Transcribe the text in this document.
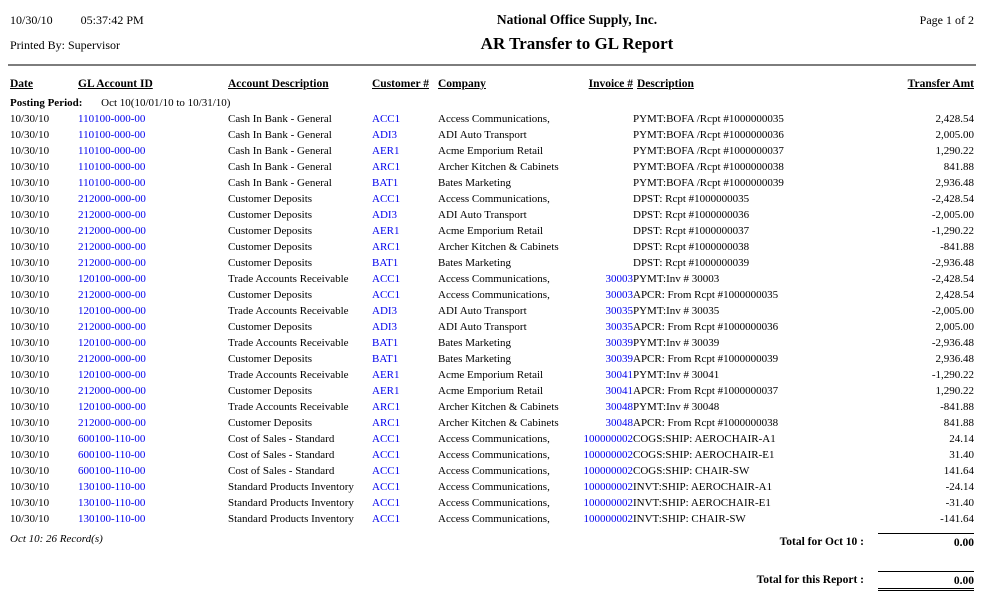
10/30/10 05:37:42 PM	National Office Supply, Inc.	Page 1 of 2
Printed By: Supervisor	AR Transfer to GL Report
Date	GL Account ID	Account Description	Customer #	Company	Invoice #	Description	Transfer Amt
Posting Period: Oct 10(10/01/10 to 10/31/10)							
10/30/10	110100-000-00	Cash In Bank - General	ACC1	Access Communications,		PYMT:BOFA /Rcpt #1000000035	2,428.54
10/30/10	110100-000-00	Cash In Bank - General	ADI3	ADI Auto Transport		PYMT:BOFA /Rcpt #1000000036	2,005.00
10/30/10	110100-000-00	Cash In Bank - General	AER1	Acme Emporium Retail		PYMT:BOFA /Rcpt #1000000037	1,290.22
10/30/10	110100-000-00	Cash In Bank - General	ARC1	Archer Kitchen & Cabinets		PYMT:BOFA /Rcpt #1000000038	841.88
10/30/10	110100-000-00	Cash In Bank - General	BAT1	Bates Marketing		PYMT:BOFA /Rcpt #1000000039	2,936.48
10/30/10	212000-000-00	Customer Deposits	ACC1	Access Communications,		DPST: Rcpt #1000000035	-2,428.54
10/30/10	212000-000-00	Customer Deposits	ADI3	ADI Auto Transport		DPST: Rcpt #1000000036	-2,005.00
10/30/10	212000-000-00	Customer Deposits	AER1	Acme Emporium Retail		DPST: Rcpt #1000000037	-1,290.22
10/30/10	212000-000-00	Customer Deposits	ARC1	Archer Kitchen & Cabinets		DPST: Rcpt #1000000038	-841.88
10/30/10	212000-000-00	Customer Deposits	BAT1	Bates Marketing		DPST: Rcpt #1000000039	-2,936.48
10/30/10	120100-000-00	Trade Accounts Receivable	ACC1	Access Communications,	30003	PYMT:Inv # 30003	-2,428.54
10/30/10	212000-000-00	Customer Deposits	ACC1	Access Communications,	30003	APCR: From Rcpt #1000000035	2,428.54
10/30/10	120100-000-00	Trade Accounts Receivable	ADI3	ADI Auto Transport	30035	PYMT:Inv # 30035	-2,005.00
10/30/10	212000-000-00	Customer Deposits	ADI3	ADI Auto Transport	30035	APCR: From Rcpt #1000000036	2,005.00
10/30/10	120100-000-00	Trade Accounts Receivable	BAT1	Bates Marketing	30039	PYMT:Inv # 30039	-2,936.48
10/30/10	212000-000-00	Customer Deposits	BAT1	Bates Marketing	30039	APCR: From Rcpt #1000000039	2,936.48
10/30/10	120100-000-00	Trade Accounts Receivable	AER1	Acme Emporium Retail	30041	PYMT:Inv # 30041	-1,290.22
10/30/10	212000-000-00	Customer Deposits	AER1	Acme Emporium Retail	30041	APCR: From Rcpt #1000000037	1,290.22
10/30/10	120100-000-00	Trade Accounts Receivable	ARC1	Archer Kitchen & Cabinets	30048	PYMT:Inv # 30048	-841.88
10/30/10	212000-000-00	Customer Deposits	ARC1	Archer Kitchen & Cabinets	30048	APCR: From Rcpt #1000000038	841.88
10/30/10	600100-110-00	Cost of Sales - Standard	ACC1	Access Communications,	100000002	COGS:SHIP: AEROCHAIR-A1	24.14
10/30/10	600100-110-00	Cost of Sales - Standard	ACC1	Access Communications,	100000002	COGS:SHIP: AEROCHAIR-E1	31.40
10/30/10	600100-110-00	Cost of Sales - Standard	ACC1	Access Communications,	100000002	COGS:SHIP: CHAIR-SW	141.64
10/30/10	130100-110-00	Standard Products Inventory	ACC1	Access Communications,	100000002	INVT:SHIP: AEROCHAIR-A1	-24.14
10/30/10	130100-110-00	Standard Products Inventory	ACC1	Access Communications,	100000002	INVT:SHIP: AEROCHAIR-E1	-31.40
10/30/10	130100-110-00	Standard Products Inventory	ACC1	Access Communications,	100000002	INVT:SHIP: CHAIR-SW	-141.64
Oct 10: 26 Record(s)	Total for Oct 10 :	0.00
Total for this Report :	0.00
